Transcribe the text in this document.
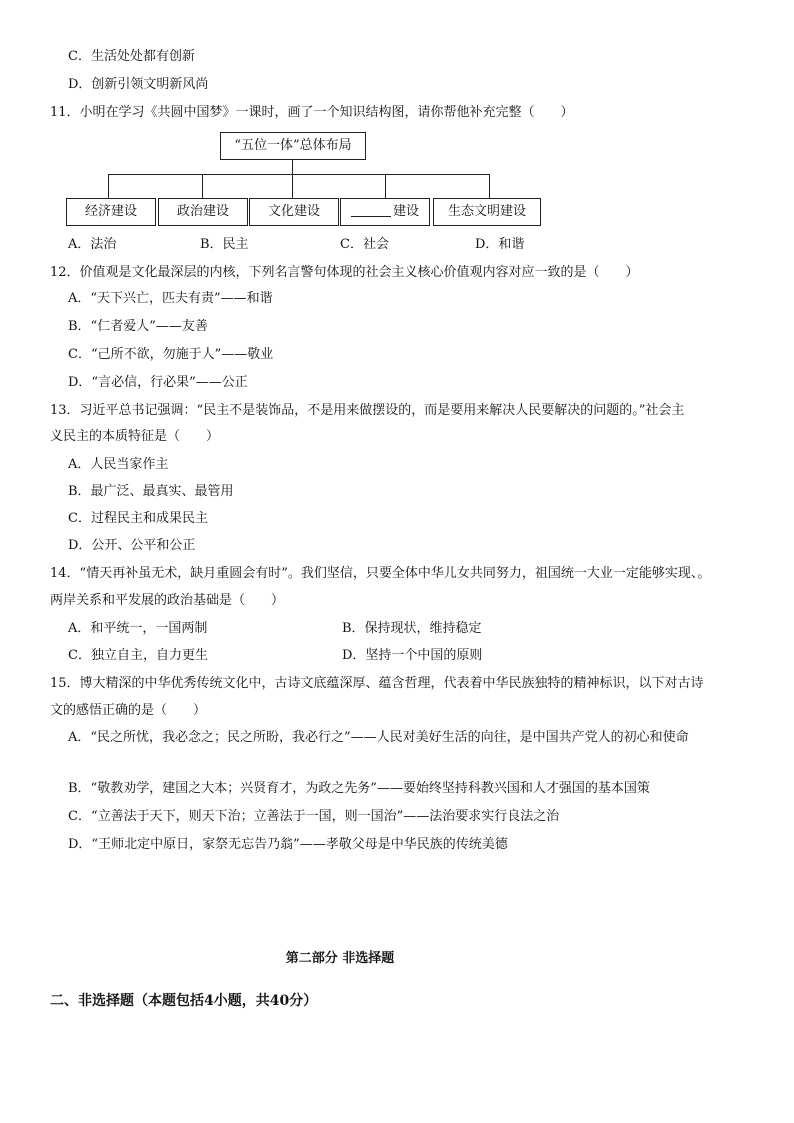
C．生活处处都有创新
D．创新引领文明新风尚
11．小明在学习《共圆中国梦》一课时，画了一个知识结构图，请你帮他补充完整（　　）
“五位一体”总体布局
经济建设	政治建设	文化建设	建设	生态文明建设
A．法治	B．民主	C．社会	D．和谐
12．价值观是文化最深层的内核，下列名言警句体现的社会主义核心价值观内容对应一致的是（　　）
A．“天下兴亡，匹夫有责”——和谐
B．“仁者爱人”——友善
C．“己所不欲，勿施于人”——敬业
D．“言必信，行必果”——公正
13．习近平总书记强调：“民主不是装饰品，不是用来做摆设的，而是要用来解决人民要解决的问题的。”社会主
义民主的本质特征是（　　）
A．人民当家作主
B．最广泛、最真实、最管用
C．过程民主和成果民主
D．公开、公平和公正
14．“情天再补虽无术，缺月重圆会有时”。我们坚信，只要全体中华儿女共同努力，祖国统一大业一定能够实现、。
两岸关系和平发展的政治基础是（　　）
A．和平统一，一国两制	B．保持现状，维持稳定
C．独立自主，自力更生	D．坚持一个中国的原则
15．博大精深的中华优秀传统文化中，古诗文底蕴深厚、蕴含哲理，代表着中华民族独特的精神标识，以下对古诗
文的感悟正确的是（　　）
A．“民之所忧，我必念之；民之所盼，我必行之”——人民对美好生活的向往，是中国共产党人的初心和使命
B．“敬教劝学，建国之大本；兴贤育才，为政之先务”——要始终坚持科教兴国和人才强国的基本国策
C．“立善法于天下，则天下治；立善法于一国，则一国治”——法治要求实行良法之治
D．“王师北定中原日，家祭无忘告乃翁”——孝敬父母是中华民族的传统美德
第二部分 非选择题
二、非选择题（本题包括4小题，共40分）
